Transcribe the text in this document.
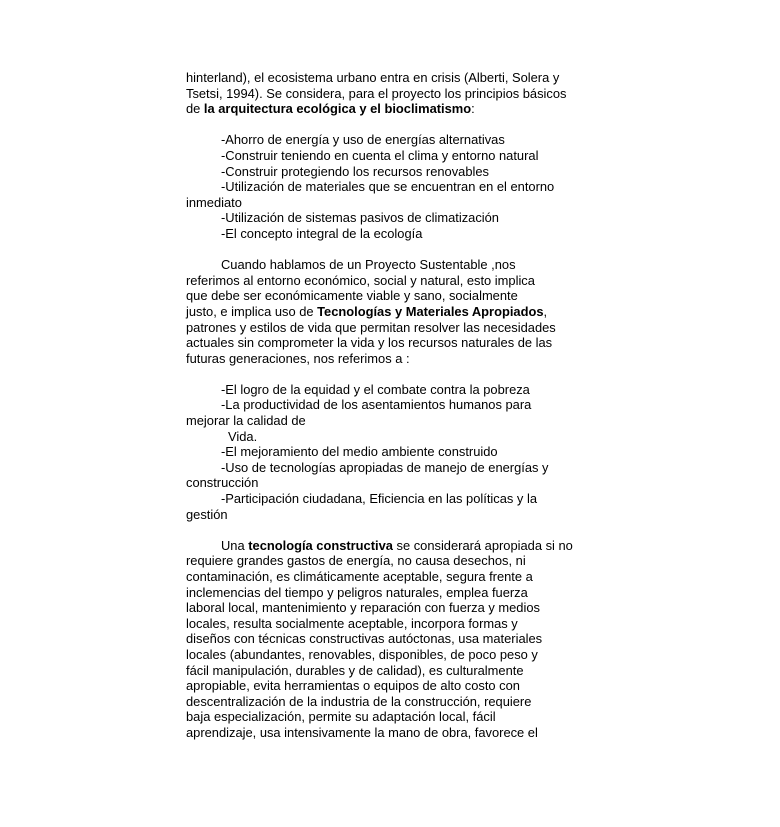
hinterland), el ecosistema urbano entra en crisis (Alberti, Solera y
Tsetsi, 1994). Se considera, para el proyecto los principios básicos
de la arquitectura ecológica y el bioclimatismo:
-Ahorro de energía y uso de energías alternativas
-Construir teniendo en cuenta el clima y entorno natural
-Construir protegiendo los recursos renovables
-Utilización de materiales que se encuentran en el entorno
inmediato
-Utilización de sistemas pasivos de climatización
-El concepto integral de la ecología
Cuando hablamos de un Proyecto Sustentable ,nos
referimos al entorno económico, social y natural, esto implica
que debe ser económicamente viable y sano, socialmente
justo, e implica uso de Tecnologías y Materiales Apropiados,
patrones y estilos de vida que permitan resolver las necesidades
actuales sin comprometer la vida y los recursos naturales de las
futuras generaciones, nos referimos a :
-El logro de la equidad y el combate contra la pobreza
-La productividad de los asentamientos humanos para
mejorar la calidad de
Vida.
-El mejoramiento del medio ambiente construido
-Uso de tecnologías apropiadas de manejo de energías y
construcción
-Participación ciudadana, Eficiencia en las políticas y la
gestión
Una tecnología constructiva se considerará apropiada si no
requiere grandes gastos de energía, no causa desechos, ni
contaminación, es climáticamente aceptable, segura frente a
inclemencias del tiempo y peligros naturales, emplea fuerza
laboral local, mantenimiento y reparación con fuerza y medios
locales, resulta socialmente aceptable, incorpora formas y
diseños con técnicas constructivas autóctonas, usa materiales
locales (abundantes, renovables, disponibles, de poco peso y
fácil manipulación, durables y de calidad), es culturalmente
apropiable, evita herramientas o equipos de alto costo con
descentralización de la industria de la construcción, requiere
baja especialización, permite su adaptación local, fácil
aprendizaje, usa intensivamente la mano de obra, favorece el
